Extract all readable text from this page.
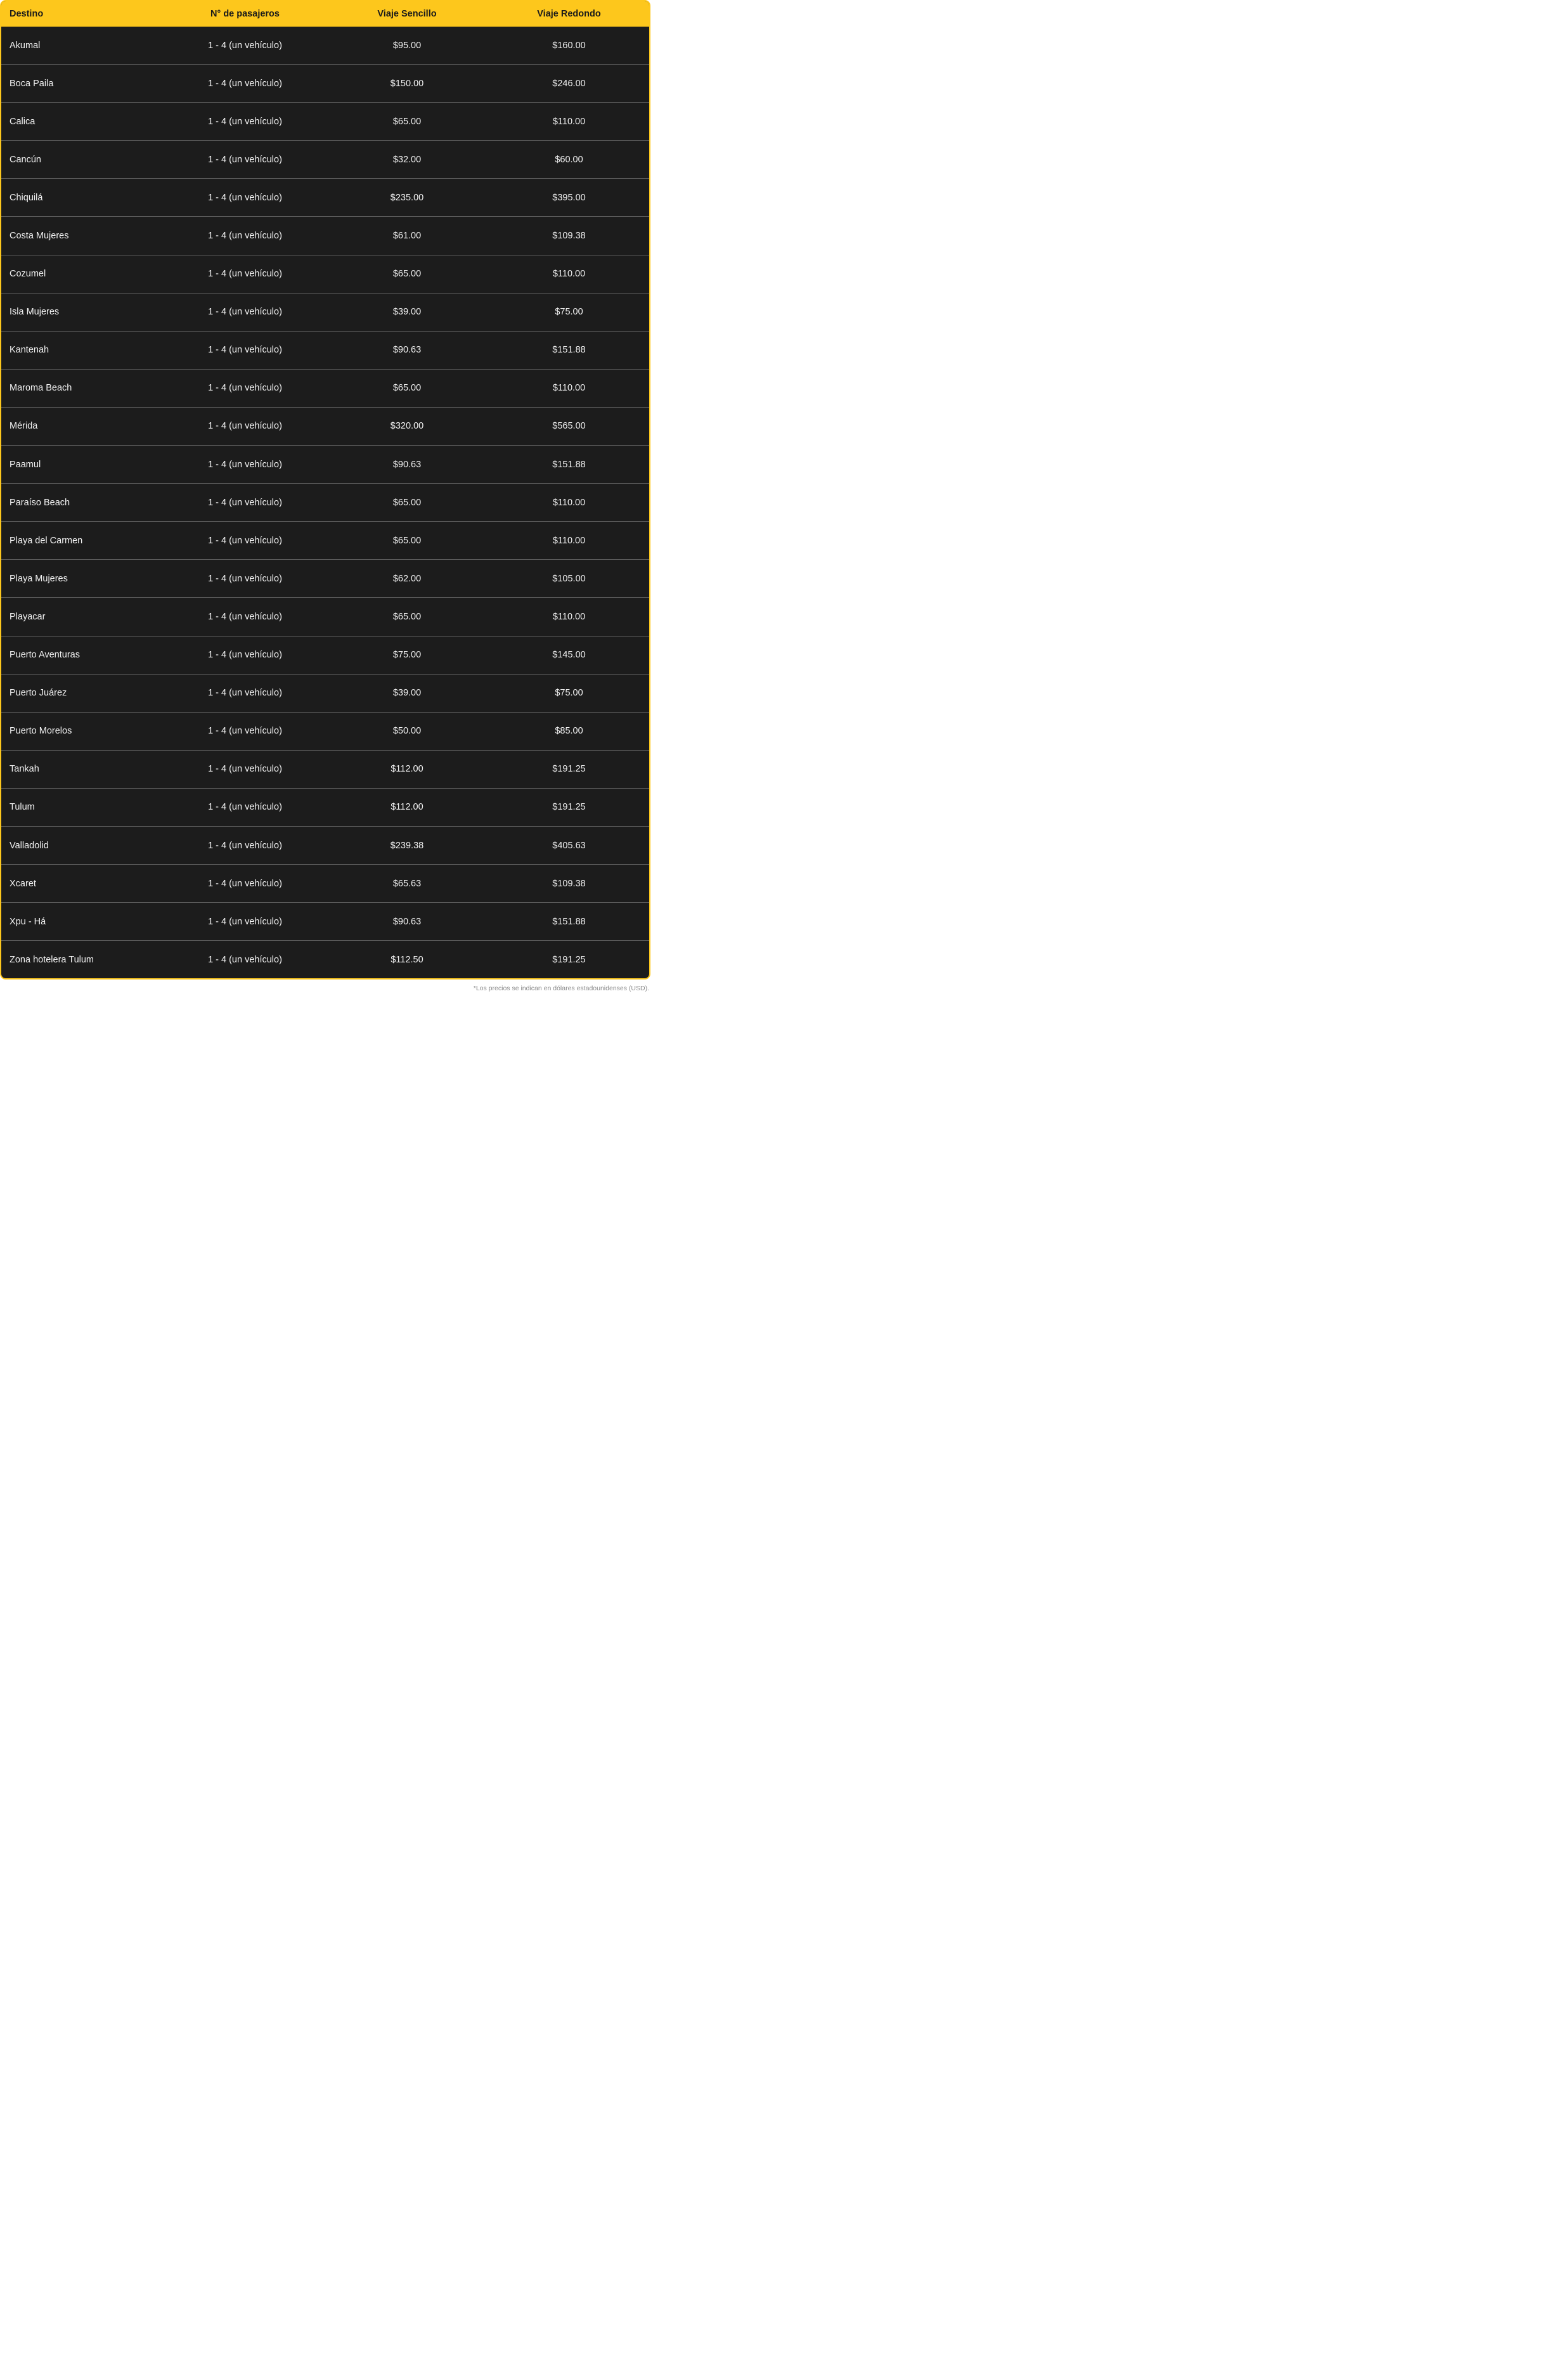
Destino	N° de pasajeros	Viaje Sencillo	Viaje Redondo
Akumal	1 - 4 (un vehículo)	$95.00	$160.00
Boca Paila	1 - 4 (un vehículo)	$150.00	$246.00
Calica	1 - 4 (un vehículo)	$65.00	$110.00
Cancún	1 - 4 (un vehículo)	$32.00	$60.00
Chiquilá	1 - 4 (un vehículo)	$235.00	$395.00
Costa Mujeres	1 - 4 (un vehículo)	$61.00	$109.38
Cozumel	1 - 4 (un vehículo)	$65.00	$110.00
Isla Mujeres	1 - 4 (un vehículo)	$39.00	$75.00
Kantenah	1 - 4 (un vehículo)	$90.63	$151.88
Maroma Beach	1 - 4 (un vehículo)	$65.00	$110.00
Mérida	1 - 4 (un vehículo)	$320.00	$565.00
Paamul	1 - 4 (un vehículo)	$90.63	$151.88
Paraíso Beach	1 - 4 (un vehículo)	$65.00	$110.00
Playa del Carmen	1 - 4 (un vehículo)	$65.00	$110.00
Playa Mujeres	1 - 4 (un vehículo)	$62.00	$105.00
Playacar	1 - 4 (un vehículo)	$65.00	$110.00
Puerto Aventuras	1 - 4 (un vehículo)	$75.00	$145.00
Puerto Juárez	1 - 4 (un vehículo)	$39.00	$75.00
Puerto Morelos	1 - 4 (un vehículo)	$50.00	$85.00
Tankah	1 - 4 (un vehículo)	$112.00	$191.25
Tulum	1 - 4 (un vehículo)	$112.00	$191.25
Valladolid	1 - 4 (un vehículo)	$239.38	$405.63
Xcaret	1 - 4 (un vehículo)	$65.63	$109.38
Xpu - Há	1 - 4 (un vehículo)	$90.63	$151.88
Zona hotelera Tulum	1 - 4 (un vehículo)	$112.50	$191.25
*Los precios se indican en dólares estadounidenses (USD).
